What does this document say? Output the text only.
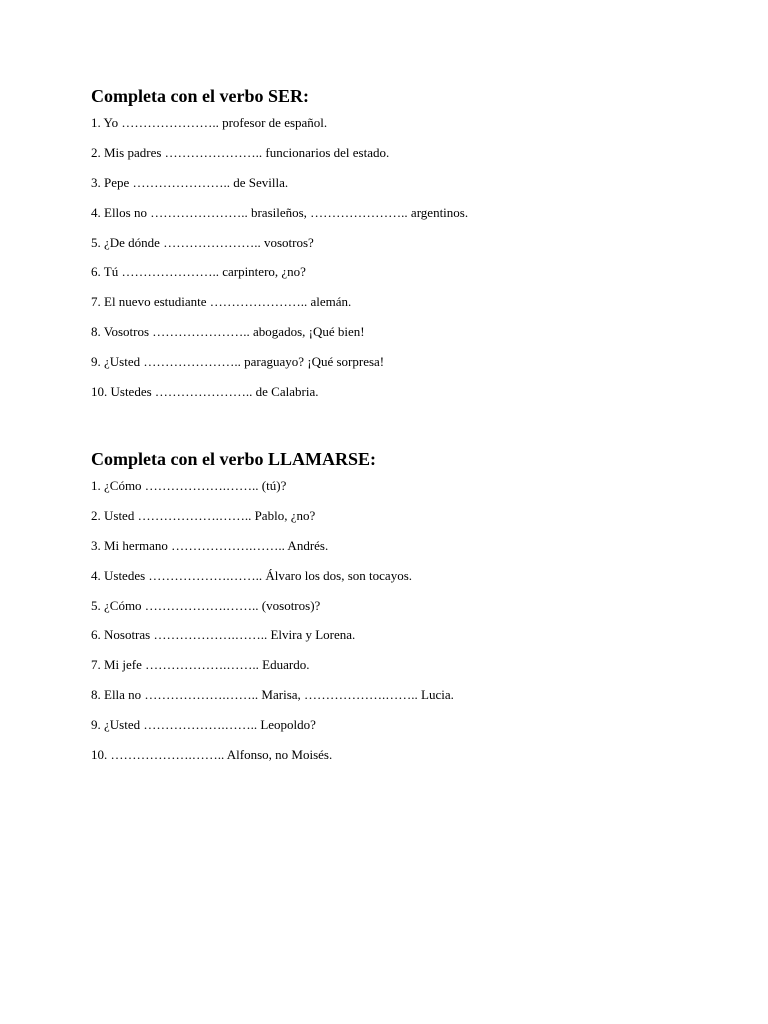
Completa con el verbo SER:
1. Yo ………………….. profesor de español.
2. Mis padres ………………….. funcionarios del estado.
3. Pepe ………………….. de Sevilla.
4. Ellos no ………………….. brasileños, ………………….. argentinos.
5. ¿De dónde ………………….. vosotros?
6. Tú ………………….. carpintero, ¿no?
7. El nuevo estudiante ………………….. alemán.
8. Vosotros ………………….. abogados, ¡Qué bien!
9. ¿Usted ………………….. paraguayo? ¡Qué sorpresa!
10. Ustedes ………………….. de Calabria.
Completa con el verbo LLAMARSE:
1. ¿Cómo ……………….…….. (tú)?
2. Usted ……………….…….. Pablo, ¿no?
3. Mi hermano ……………….…….. Andrés.
4. Ustedes ……………….…….. Álvaro los dos, son tocayos.
5. ¿Cómo ……………….…….. (vosotros)?
6. Nosotras ……………….…….. Elvira y Lorena.
7. Mi jefe ……………….…….. Eduardo.
8. Ella no ……………….…….. Marisa, ……………….…….. Lucia.
9. ¿Usted ……………….…….. Leopoldo?
10. ……………….…….. Alfonso, no Moisés.
